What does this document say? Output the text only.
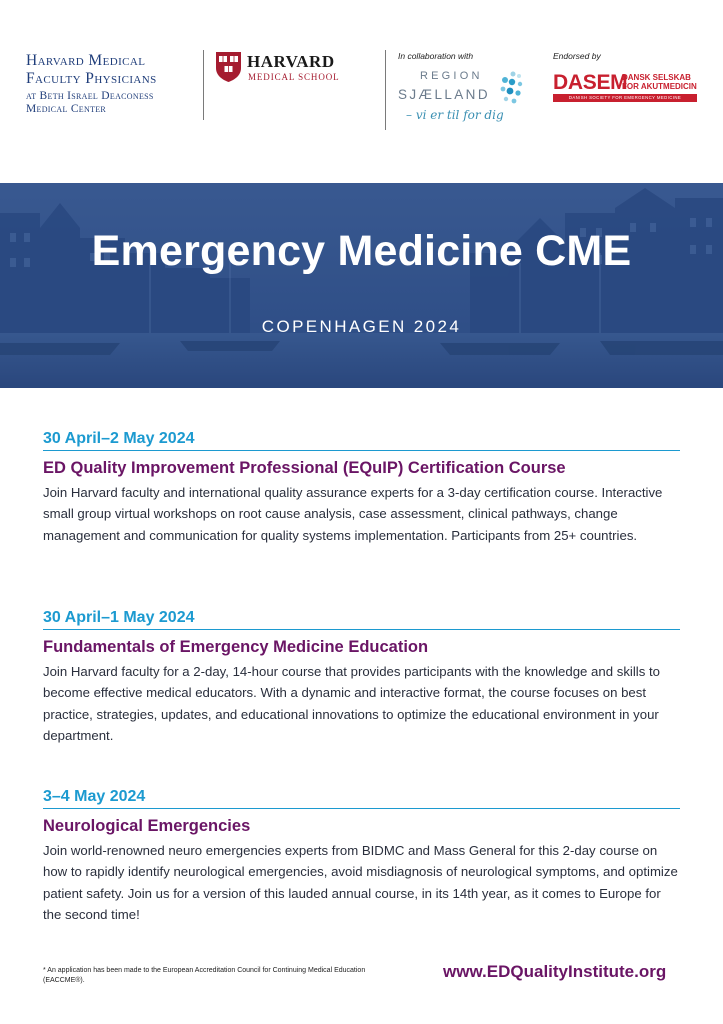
Harvard Medical
Faculty Physicians
at Beth Israel Deaconess
Medical Center
HARVARD
MEDICAL SCHOOL
In collaboration with
REGION
SJÆLLAND
– vi er til for dig
Endorsed by
DASEM
DANSK SELSKAB
FOR AKUTMEDICIN
DANISH SOCIETY FOR EMERGENCY MEDICINE
Emergency Medicine CME
COPENHAGEN 2024
30 April–2 May 2024
ED Quality Improvement Professional (EQuIP) Certification Course
Join Harvard faculty and international quality assurance experts for a 3-day certification course. Interactive small group virtual workshops on root cause analysis, case assessment, clinical pathways, change management and communication for quality systems implementation. Participants from 25+ countries.
30 April–1 May 2024
Fundamentals of Emergency Medicine Education
Join Harvard faculty for a 2-day, 14-hour course that provides participants with the knowledge and skills to become effective medical educators. With a dynamic and interactive format, the course focuses on best practice, strategies, updates, and educational innovations to optimize the educational environment in your department.
3–4 May 2024
Neurological Emergencies
Join world-renowned neuro emergencies experts from BIDMC and Mass General for this 2-day course on how to rapidly identify neurological emergencies, avoid misdiagnosis of neurological symptoms, and optimize patient safety. Join us for a version of this lauded annual course, in its 14th year, as it comes to Europe for the second time!
* An application has been made to the European Accreditation Council for Continuing Medical Education (EACCME®).	www.EDQualityInstitute.org
